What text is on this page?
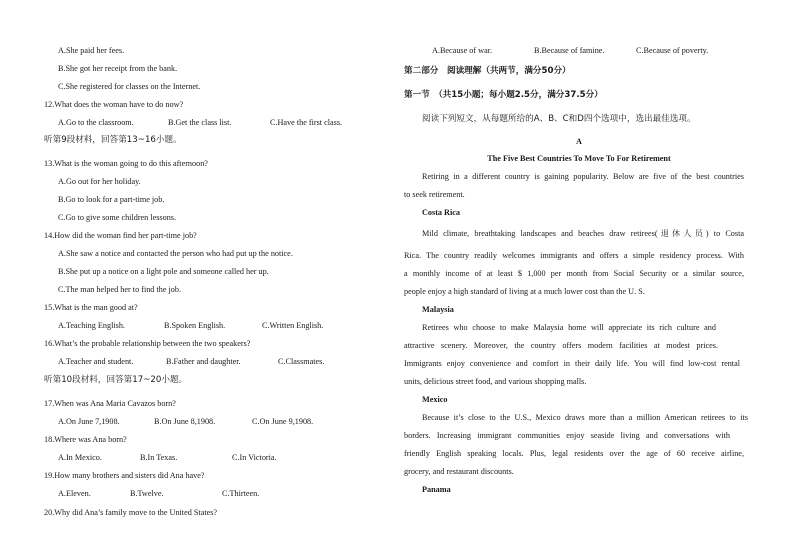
A.She paid her fees.
B.She got her receipt from the bank.
C.She registered for classes on the Internet.
12.What does the woman have to do now?
A.Go to the classroom.	B.Get the class list.	C.Have the first class.
听第9段材料，回答第13~16小题。
13.What is the woman going to do this afternoon?
A.Go out for her holiday.
B.Go to look for a part-time job.
C.Go to give some children lessons.
14.How did the woman find her part-time job?
A.She saw a notice and contacted the person who had put up the notice.
B.She put up a notice on a light pole and someone called her up.
C.The man helped her to find the job.
15.What is the man good at?
A.Teaching English.	B.Spoken English.	C.Written English.
16.What’s the probable relationship between the two speakers?
A.Teacher and student.	B.Father and daughter.	C.Classmates.
听第10段材料，回答第17~20小题。
17.When was Ana Maria Cavazos born?
A.On June 7,1908.	B.On June 8,1908.	C.On June 9,1908.
18.Where was Ana born?
A.In Mexico.	B.In Texas.	C.In Victoria.
19.How many brothers and sisters did Ana have?
A.Eleven.	B.Twelve.	C.Thirteen.
20.Why did Ana’s family move to the United States?
A.Because of war.	B.Because of famine.	C.Because of poverty.
第二部分　阅读理解（共两节，满分50分）
第一节　（共15小题；每小题2.5分，满分37.5分）
阅读下列短文，从每题所给的A、B、C和D四个选项中，选出最佳选项。
A
The Five Best Countries To Move To For Retirement
Retiring in a different country is gaining popularity. Below are five of the best countries
to seek retirement.
Costa Rica
Mild climate, breathtaking landscapes and beaches draw retirees(退休人员) to Costa
Rica. The country readily welcomes immigrants and offers a simple residency process. With
a monthly income of at least $ 1,000 per month from Social Security or a similar source,
people enjoy a high standard of living at a much lower cost than the U. S.
Malaysia
Retirees who choose to make Malaysia home will appreciate its rich culture and
attractive scenery. Moreover, the country offers modern facilities at modest prices.
Immigrants enjoy convenience and comfort in their daily life. You will find low-cost rental
units, delicious street food, and various shopping malls.
Mexico
Because it’s close to the U.S., Mexico draws more than a million American retirees to its
borders. Increasing immigrant communities enjoy seaside living and conversations with
friendly English speaking locals. Plus, legal residents over the age of 60 receive airline,
grocery, and restaurant discounts.
Panama
